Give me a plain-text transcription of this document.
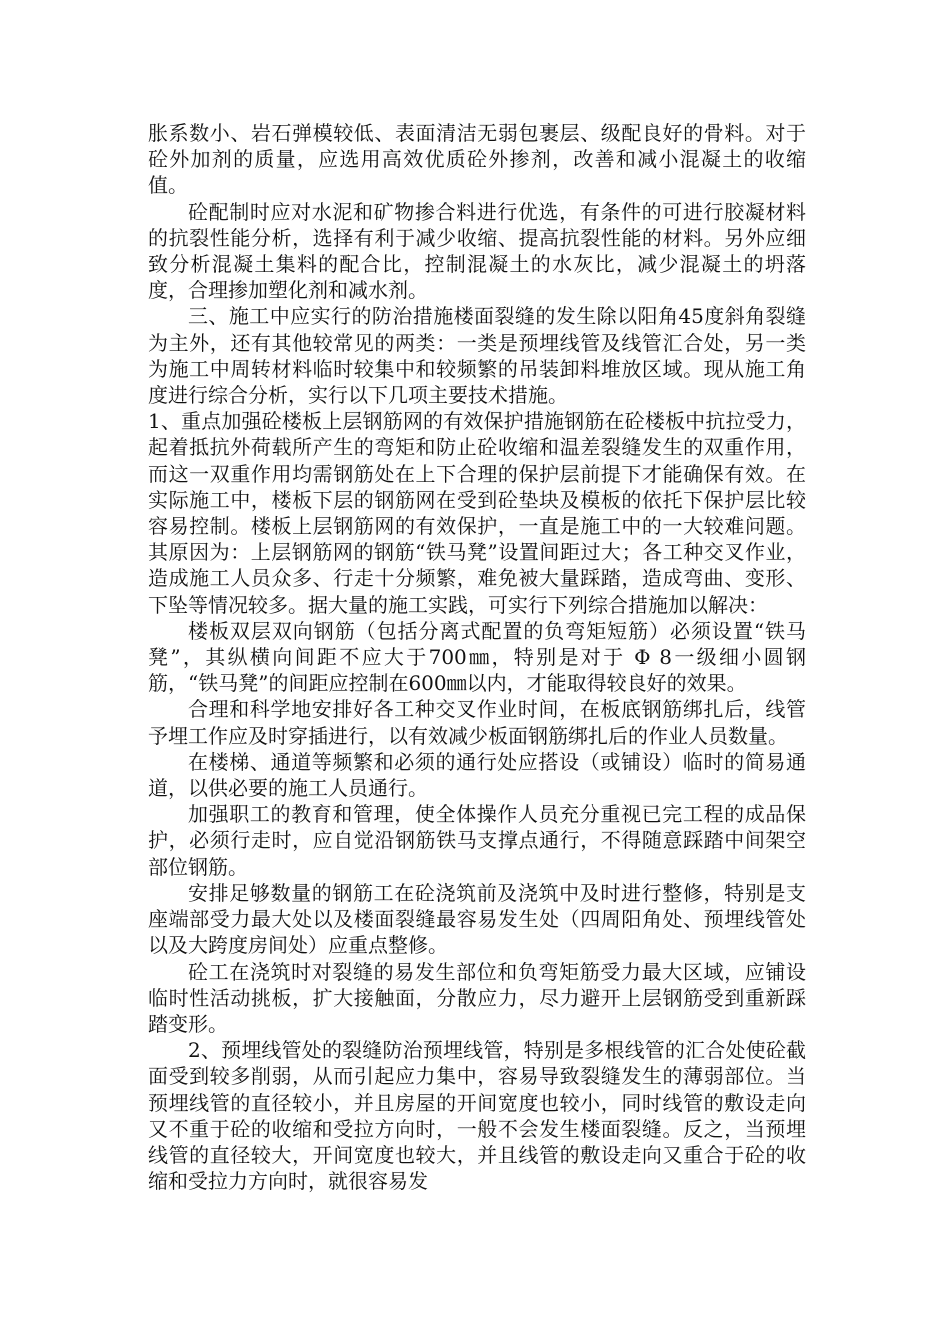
胀系数小、岩石弹模较低、表面清洁无弱包裹层、级配良好的骨料。对于砼外加剂的质量，应选用高效优质砼外掺剂，改善和减小混凝土的收缩值。

砼配制时应对水泥和矿物掺合料进行优选，有条件的可进行胶凝材料的抗裂性能分析，选择有利于减少收缩、提高抗裂性能的材料。另外应细致分析混凝土集料的配合比，控制混凝土的水灰比，减少混凝土的坍落度，合理掺加塑化剂和减水剂。

三、施工中应实行的防治措施楼面裂缝的发生除以阳角45度斜角裂缝为主外，还有其他较常见的两类：一类是预埋线管及线管汇合处，另一类为施工中周转材料临时较集中和较频繁的吊装卸料堆放区域。现从施工角度进行综合分析，实行以下几项主要技术措施。

1、重点加强砼楼板上层钢筋网的有效保护措施钢筋在砼楼板中抗拉受力，起着抵抗外荷载所产生的弯矩和防止砼收缩和温差裂缝发生的双重作用，而这一双重作用均需钢筋处在上下合理的保护层前提下才能确保有效。在实际施工中，楼板下层的钢筋网在受到砼垫块及模板的依托下保护层比较容易控制。楼板上层钢筋网的有效保护，一直是施工中的一大较难问题。其原因为：上层钢筋网的钢筋“铁马凳”设置间距过大；各工种交叉作业，造成施工人员众多、行走十分频繁，难免被大量踩踏，造成弯曲、变形、下坠等情况较多。据大量的施工实践，可实行下列综合措施加以解决：

楼板双层双向钢筋（包括分离式配置的负弯矩短筋）必须设置“铁马凳”，其纵横向间距不应大于700㎜，特别是对于 Φ 8一级细小圆钢筋，“铁马凳”的间距应控制在600㎜以内，才能取得较良好的效果。

合理和科学地安排好各工种交叉作业时间，在板底钢筋绑扎后，线管予埋工作应及时穿插进行，以有效减少板面钢筋绑扎后的作业人员数量。

在楼梯、通道等频繁和必须的通行处应搭设（或铺设）临时的简易通道，以供必要的施工人员通行。

加强职工的教育和管理，使全体操作人员充分重视已完工程的成品保护，必须行走时，应自觉沿钢筋铁马支撑点通行，不得随意踩踏中间架空部位钢筋。

安排足够数量的钢筋工在砼浇筑前及浇筑中及时进行整修，特别是支座端部受力最大处以及楼面裂缝最容易发生处（四周阳角处、预埋线管处以及大跨度房间处）应重点整修。

砼工在浇筑时对裂缝的易发生部位和负弯矩筋受力最大区域，应铺设临时性活动挑板，扩大接触面，分散应力，尽力避开上层钢筋受到重新踩踏变形。

2、预埋线管处的裂缝防治预埋线管，特别是多根线管的汇合处使砼截面受到较多削弱，从而引起应力集中，容易导致裂缝发生的薄弱部位。当预埋线管的直径较小，并且房屋的开间宽度也较小，同时线管的敷设走向又不重于砼的收缩和受拉方向时，一般不会发生楼面裂缝。反之，当预埋线管的直径较大，开间宽度也较大，并且线管的敷设走向又重合于砼的收缩和受拉力方向时，就很容易发
